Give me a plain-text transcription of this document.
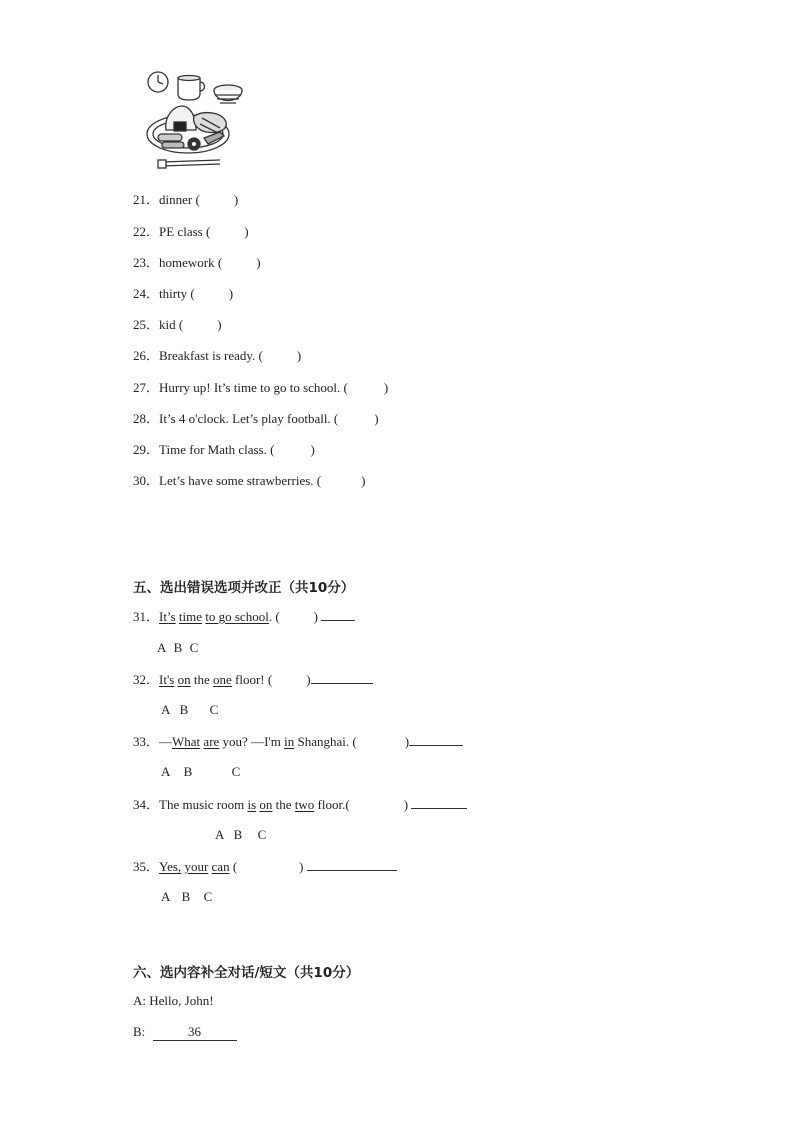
21．dinner (	)
22．PE class (	)
23．homework (	)
24．thirty (	)
25．kid (	)
26．Breakfast is ready. (	)
27．Hurry up! It’s time to go to school. (	)
28．It’s 4 o'clock. Let’s play football. (	)
29．Time for Math class. (	)
30．Let’s have some strawberries. (	)
五、选出错误选项并改正（共10分）
31．It’s time to go school. (	)
A B C
32．It's on the one floor! (	)
A B C
33．—What are you? —I'm in Shanghai. (	)
A B	C
34．The music room is on the two floor.(	)
A B C
35．Yes, your can (	)
A B C
六、选内容补全对话/短文（共10分）
A: Hello, John!
B:	36
